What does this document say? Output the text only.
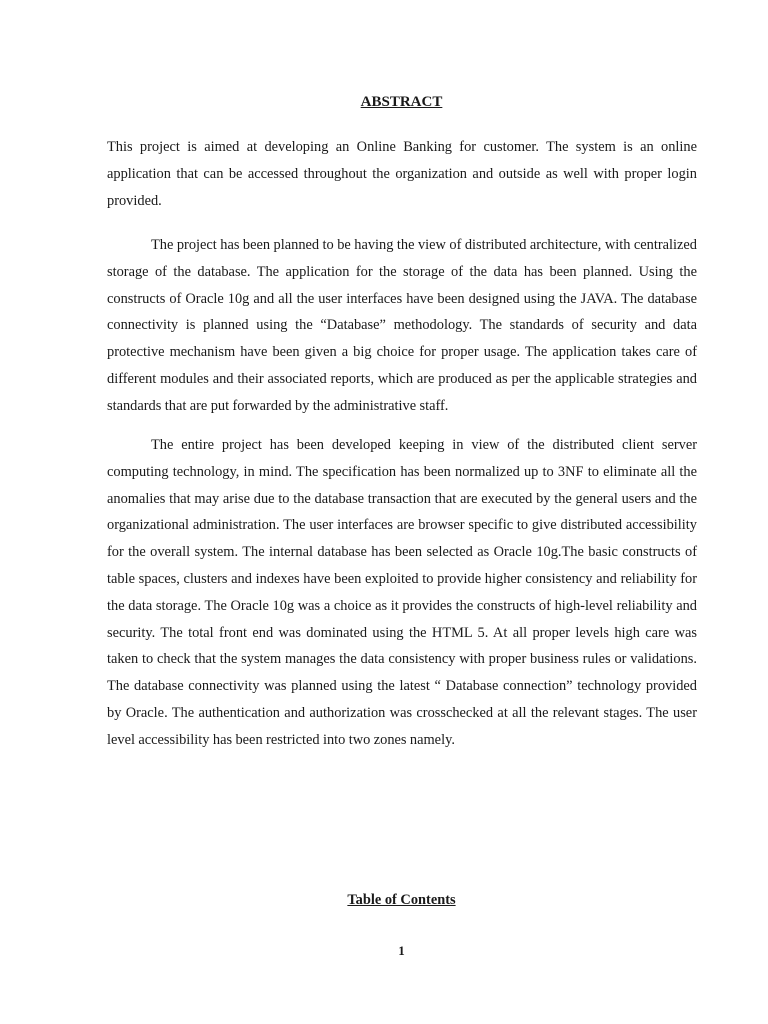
ABSTRACT

This project is aimed at developing an Online Banking for customer. The system is an online application that can be accessed throughout the organization and outside as well with proper login provided.

The project has been planned to be having the view of distributed architecture, with centralized storage of the database. The application for the storage of the data has been planned. Using the constructs of Oracle 10g and all the user interfaces have been designed using the JAVA. The database connectivity is planned using the “Database” methodology. The standards of security and data protective mechanism have been given a big choice for proper usage. The application takes care of different modules and their associated reports, which are produced as per the applicable strategies and standards that are put forwarded by the administrative staff.

The entire project has been developed keeping in view of the distributed client server computing technology, in mind. The specification has been normalized up to 3NF to eliminate all the anomalies that may arise due to the database transaction that are executed by the general users and the organizational administration. The user interfaces are browser specific to give distributed accessibility for the overall system. The internal database has been selected as Oracle 10g.The basic constructs of table spaces, clusters and indexes have been exploited to provide higher consistency and reliability for the data storage. The Oracle 10g was a choice as it provides the constructs of high-level reliability and security. The total front end was dominated using the HTML 5. At all proper levels high care was taken to check that the system manages the data consistency with proper business rules or validations. The database connectivity was planned using the latest “ Database connection” technology provided by Oracle. The authentication and authorization was crosschecked at all the relevant stages. The user level accessibility has been restricted into two zones namely.

Table of Contents
1
